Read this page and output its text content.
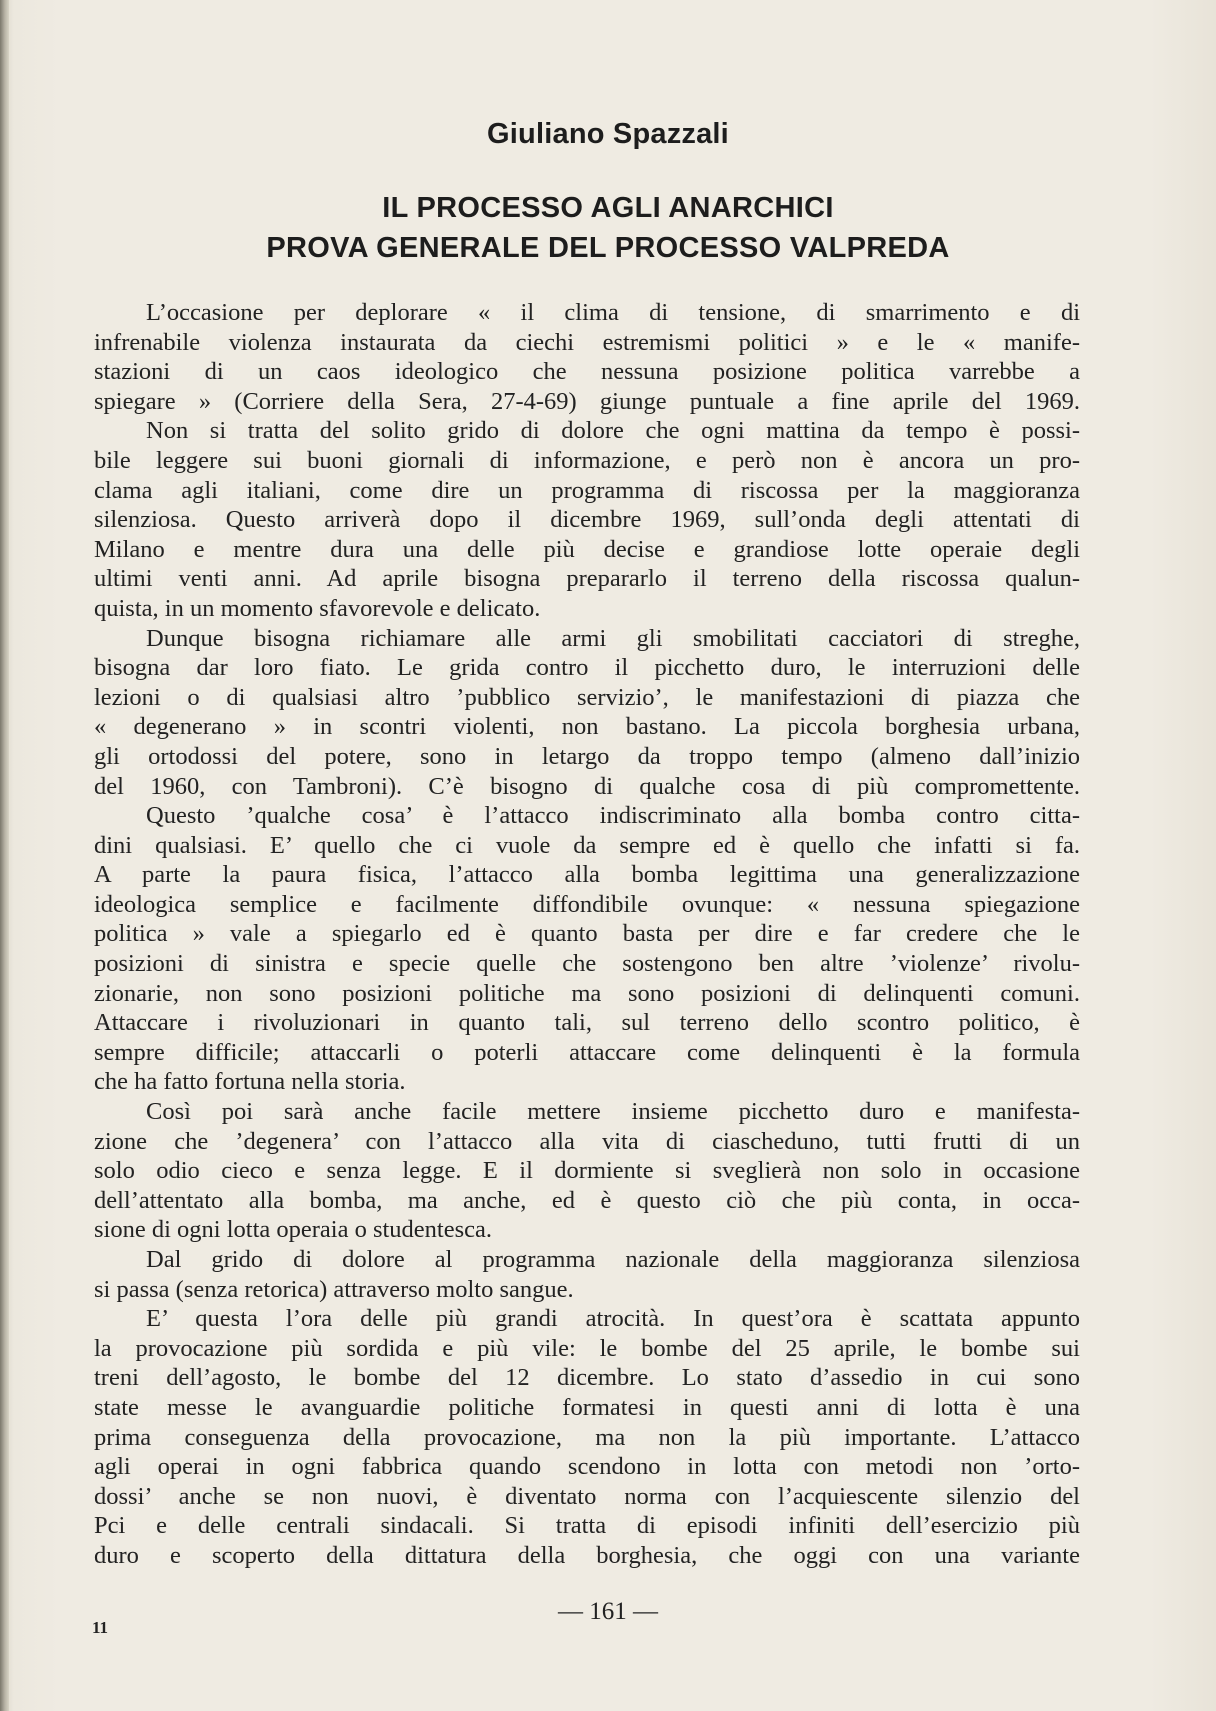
Giuliano Spazzali
IL PROCESSO AGLI ANARCHICI
PROVA GENERALE DEL PROCESSO VALPREDA
L’occasione per deplorare « il clima di tensione, di smarrimento e di
infrenabile violenza instaurata da ciechi estremismi politici » e le « manife-
stazioni di un caos ideologico che nessuna posizione politica varrebbe a
spiegare » (Corriere della Sera, 27-4-69) giunge puntuale a fine aprile del 1969.
Non si tratta del solito grido di dolore che ogni mattina da tempo è possi-
bile leggere sui buoni giornali di informazione, e però non è ancora un pro-
clama agli italiani, come dire un programma di riscossa per la maggioranza
silenziosa. Questo arriverà dopo il dicembre 1969, sull’onda degli attentati di
Milano e mentre dura una delle più decise e grandiose lotte operaie degli
ultimi venti anni. Ad aprile bisogna prepararlo il terreno della riscossa qualun-
quista, in un momento sfavorevole e delicato.
Dunque bisogna richiamare alle armi gli smobilitati cacciatori di streghe,
bisogna dar loro fiato. Le grida contro il picchetto duro, le interruzioni delle
lezioni o di qualsiasi altro ’pubblico servizio’, le manifestazioni di piazza che
« degenerano » in scontri violenti, non bastano. La piccola borghesia urbana,
gli ortodossi del potere, sono in letargo da troppo tempo (almeno dall’inizio
del 1960, con Tambroni). C’è bisogno di qualche cosa di più compromettente.
Questo ’qualche cosa’ è l’attacco indiscriminato alla bomba contro citta-
dini qualsiasi. E’ quello che ci vuole da sempre ed è quello che infatti si fa.
A parte la paura fisica, l’attacco alla bomba legittima una generalizzazione
ideologica semplice e facilmente diffondibile ovunque: « nessuna spiegazione
politica » vale a spiegarlo ed è quanto basta per dire e far credere che le
posizioni di sinistra e specie quelle che sostengono ben altre ’violenze’ rivolu-
zionarie, non sono posizioni politiche ma sono posizioni di delinquenti comuni.
Attaccare i rivoluzionari in quanto tali, sul terreno dello scontro politico, è
sempre difficile; attaccarli o poterli attaccare come delinquenti è la formula
che ha fatto fortuna nella storia.
Così poi sarà anche facile mettere insieme picchetto duro e manifesta-
zione che ’degenera’ con l’attacco alla vita di ciascheduno, tutti frutti di un
solo odio cieco e senza legge. E il dormiente si sveglierà non solo in occasione
dell’attentato alla bomba, ma anche, ed è questo ciò che più conta, in occa-
sione di ogni lotta operaia o studentesca.
Dal grido di dolore al programma nazionale della maggioranza silenziosa
si passa (senza retorica) attraverso molto sangue.
E’ questa l’ora delle più grandi atrocità. In quest’ora è scattata appunto
la provocazione più sordida e più vile: le bombe del 25 aprile, le bombe sui
treni dell’agosto, le bombe del 12 dicembre. Lo stato d’assedio in cui sono
state messe le avanguardie politiche formatesi in questi anni di lotta è una
prima conseguenza della provocazione, ma non la più importante. L’attacco
agli operai in ogni fabbrica quando scendono in lotta con metodi non ’orto-
dossi’ anche se non nuovi, è diventato norma con l’acquiescente silenzio del
Pci e delle centrali sindacali. Si tratta di episodi infiniti dell’esercizio più
duro e scoperto della dittatura della borghesia, che oggi con una variante
11
— 161 —
